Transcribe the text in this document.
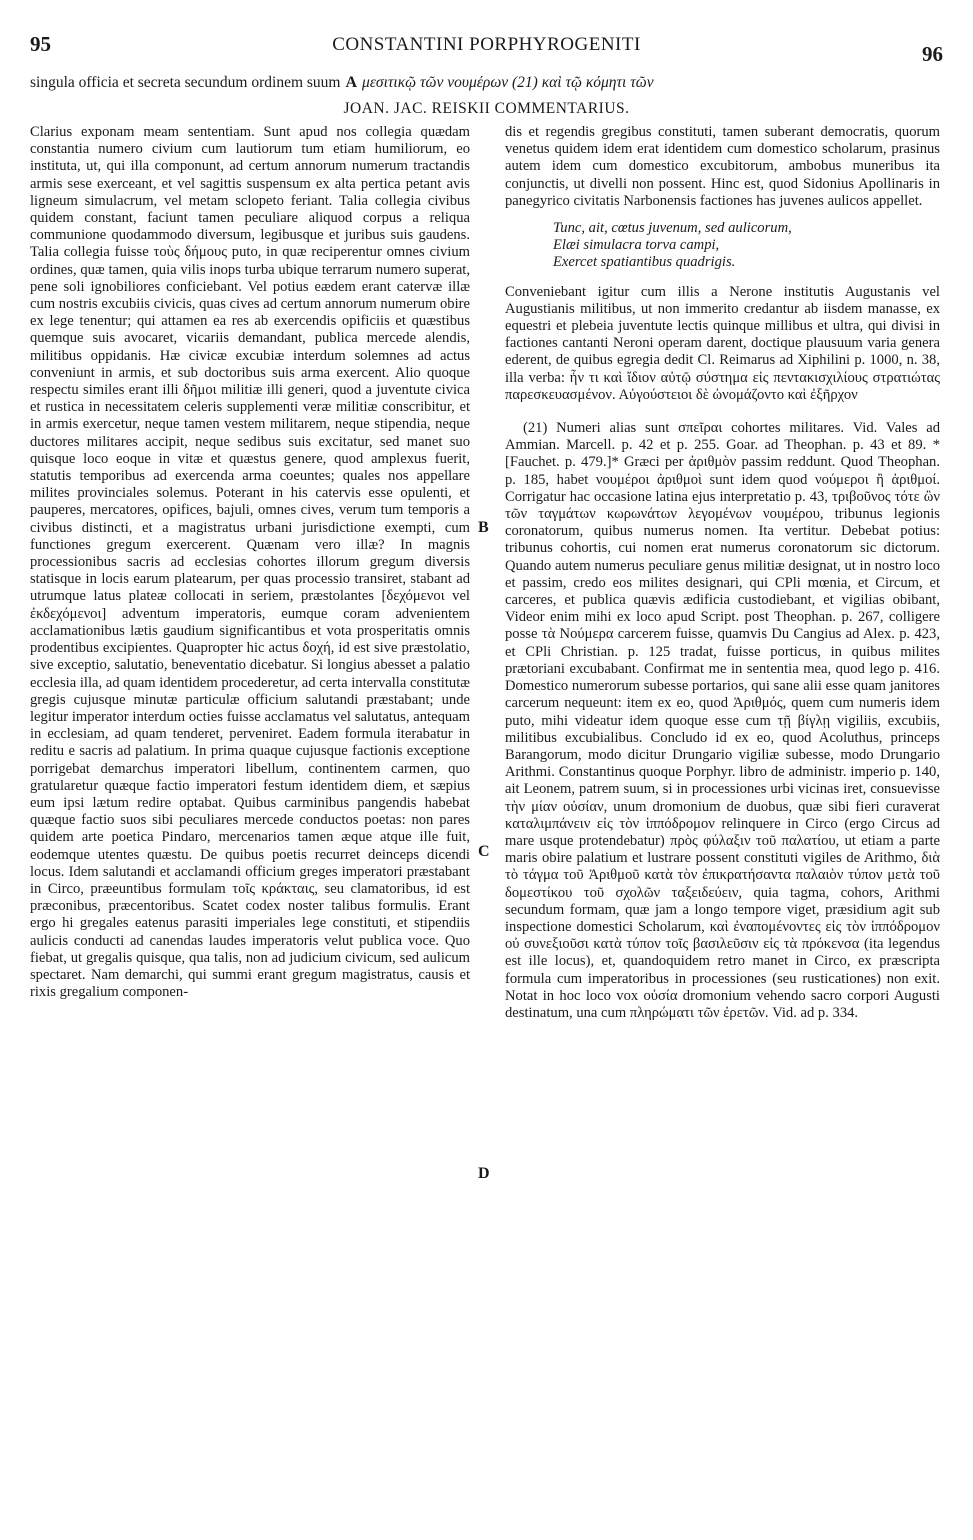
95	CONSTANTINI PORPHYROGENITI	96
singula officia et secreta secundum ordinem suum A μεσιτικῷ τῶν νουμέρων (21) καὶ τῷ κόμητι τῶν
JOAN. JAC. REISKII COMMENTARIUS.

Clarius exponam meam sententiam. Sunt apud nos collegia quædam constantia numero civium cum lautiorum tum etiam humiliorum, eo instituta, ut, qui illa componunt, ad certum annorum numerum tractandis armis sese exerceant, et vel sagittis suspensum ex alta pertica petant avis ligneum simulacrum, vel metam sclopeto feriant. Talia collegia civibus quidem constant, faciunt tamen peculiare aliquod corpus a reliqua communione quodammodo diversum, legibusque et juribus suis gaudens. Talia collegia fuisse τοὺς δήμους puto, in quæ reciperentur omnes civium ordines, quæ tamen, quia vilis inops turba ubique terrarum numero superat, pene soli ignobiliores conficiebant. Vel potius eædem erant catervæ illæ cum nostris excubiis civicis, quas cives ad certum annorum numerum obire ex lege tenentur; qui attamen ea res ab exercendis opificiis et quæstibus quemque suis avocaret, vicariis demandant, publica mercede alendis, militibus oppidanis. Hæ civicæ excubiæ interdum solemnes ad actus conveniunt in armis, et sub doctoribus suis arma exercent. Alio quoque respectu similes erant illi δῆμοι militiæ illi generi, quod a juventute civica et rustica in necessitatem celeris supplementi veræ militiæ conscribitur, et in armis exercetur, neque tamen vestem militarem, neque stipendia, neque ductores militares accipit, neque sedibus suis excitatur, sed manet suo quisque loco eoque in vitæ et quæstus genere, quod amplexus fuerit, statutis temporibus ad exercenda arma coeuntes; quales nos appellare milites provinciales solemus. Poterant in his catervis esse opulenti, et pauperes, mercatores, opifices, bajuli, omnes cives, verum tum temporis a civibus distincti, et a magistratus urbani jurisdictione exempti, cum functiones gregum exercerent. Quænam vero illæ? In magnis processionibus sacris ad ecclesias cohortes illorum gregum diversis statisque in locis earum platearum, per quas processio transiret, stabant ad utrumque latus plateæ collocati in seriem, præstolantes [δεχόμενοι vel ἐκδεχόμενοι] adventum imperatoris, eumque coram advenientem acclamationibus lætis gaudium significantibus et vota prosperitatis omnis prodentibus excipientes. Quapropter hic actus δοχή, id est sive præstolatio, sive exceptio, salutatio, beneventatio dicebatur. Si longius abesset a palatio ecclesia illa, ad quam identidem procederetur, ad certa intervalla constitutæ gregis cujusque minutæ particulæ officium salutandi præstabant; unde legitur imperator interdum octies fuisse acclamatus vel salutatus, antequam in ecclesiam, ad quam tenderet, perveniret. Eadem formula iterabatur in reditu e sacris ad palatium. In prima quaque cujusque factionis exceptione porrigebat demarchus imperatori libellum, continentem carmen, quo gratularetur quæque factio imperatori festum identidem diem, et sæpius eum ipsi lætum redire optabat. Quibus carminibus pangendis habebat quæque factio suos sibi peculiares mercede conductos poetas: non pares quidem arte poetica Pindaro, mercenarios tamen æque atque ille fuit, eodemque utentes quæstu. De quibus poetis recurret deinceps dicendi locus. Idem salutandi et acclamandi officium greges imperatori præstabant in Circo, præeuntibus formulam τοῖς κράκταις, seu clamatoribus, id est præconibus, præcentoribus. Scatet codex noster talibus formulis. Erant ergo hi gregales eatenus parasiti imperiales lege constituti, et stipendiis aulicis conducti ad canendas laudes imperatoris velut publica voce. Quo fiebat, ut gregalis quisque, qua talis, non ad judicium civicum, sed aulicum spectaret. Nam demarchi, qui summi erant gregum magistratus, causis et rixis gregalium componen-

dis et regendis gregibus constituti, tamen suberant democratis, quorum venetus quidem idem erat identidem cum domestico scholarum, prasinus autem idem cum domestico excubitorum, ambobus muneribus ita conjunctis, ut divelli non possent. Hinc est, quod Sidonius Apollinaris in panegyrico civitatis Narbonensis factiones has juvenes aulicos appellet.

Tunc, ait, cœtus juvenum, sed aulicorum,

Elæi simulacra torva campi,

Exercet spatiantibus quadrigis.

Conveniebant igitur cum illis a Nerone institutis Augustanis vel Augustianis militibus, ut non immerito credantur ab iisdem manasse, ex equestri et plebeia juventute lectis quinque millibus et ultra, qui divisi in factiones cantanti Neroni operam darent, doctique plausuum varia genera ederent, de quibus egregia dedit Cl. Reimarus ad Xiphilini p. 1000, n. 38, illa verba: ἦν τι καὶ ἴδιον αὐτῷ σύστημα εἰς πεντακισχιλίους στρατιώτας παρεσκευασμένον. Αὐγούστειοι δὲ ὠνομάζοντο καὶ ἐξῆρχον

(21) Numeri alias sunt σπεῖραι cohortes militares. Vid. Vales ad Ammian. Marcell. p. 42 et p. 255. Goar. ad Theophan. p. 43 et 89. *[Fauchet. p. 479.]* Græci per ἀριθμὸν passim reddunt. Quod Theophan. p. 185, habet νουμέροι ἀριθμοὶ sunt idem quod νούμεροι ἢ ἀριθμοί. Corrigatur hac occasione latina ejus interpretatio p. 43, τριβοῦνος τότε ὢν τῶν ταγμάτων κωρωνάτων λεγομένων νουμέρου, tribunus legionis coronatorum, quibus numerus nomen. Ita vertitur. Debebat potius: tribunus cohortis, cui nomen erat numerus coronatorum sic dictorum. Quando autem numerus peculiare genus militiæ designat, ut in nostro loco et passim, credo eos milites designari, qui CPli mœnia, et Circum, et carceres, et publica quævis ædificia custodiebant, et vigilias obibant, Videor enim mihi ex loco apud Script. post Theophan. p. 267, colligere posse τὰ Νούμερα carcerem fuisse, quamvis Du Cangius ad Alex. p. 423, et CPli Christian. p. 125 tradat, fuisse porticus, in quibus milites prætoriani excubabant. Confirmat me in sententia mea, quod lego p. 416. Domestico numerorum subesse portarios, qui sane alii esse quam janitores carcerum nequeunt: item ex eo, quod Ἀριθμός, quem cum numeris idem puto, mihi videatur idem quoque esse cum τῇ βίγλῃ vigiliis, excubiis, militibus excubialibus. Concludo id ex eo, quod Acoluthus, princeps Barangorum, modo dicitur Drungario vigiliæ subesse, modo Drungario Arithmi. Constantinus quoque Porphyr. libro de administr. imperio p. 140, ait Leonem, patrem suum, si in processiones urbi vicinas iret, consuevisse τὴν μίαν οὐσίαν, unum dromonium de duobus, quæ sibi fieri curaverat καταλιμπάνειν εἰς τὸν ἱππόδρομον relinquere in Circo (ergo Circus ad mare usque protendebatur) πρὸς φύλαξιν τοῦ παλατίου, ut etiam a parte maris obire palatium et lustrare possent constituti vigiles de Arithmo, διὰ τὸ τάγμα τοῦ Ἀριθμοῦ κατὰ τὸν ἐπικρατήσαντα παλαιὸν τύπον μετὰ τοῦ δομεστίκου τοῦ σχολῶν ταξειδεύειν, quia tagma, cohors, Arithmi secundum formam, quæ jam a longo tempore viget, præsidium agit sub inspectione domestici Scholarum, καὶ ἐναπομένοντες εἰς τὸν ἱππόδρομον οὐ συνεξιοῦσι κατὰ τύπον τοῖς βασιλεῦσιν εἰς τὰ πρόκενσα (ita legendus est ille locus), et, quandoquidem retro manet in Circo, ex præscripta formula cum imperatoribus in processiones (seu rusticationes) non exit. Notat in hoc loco vox οὐσία dromonium vehendo sacro corpori Augusti destinatum, una cum πληρώματι τῶν ἐρετῶν. Vid. ad p. 334.

B
C
D
